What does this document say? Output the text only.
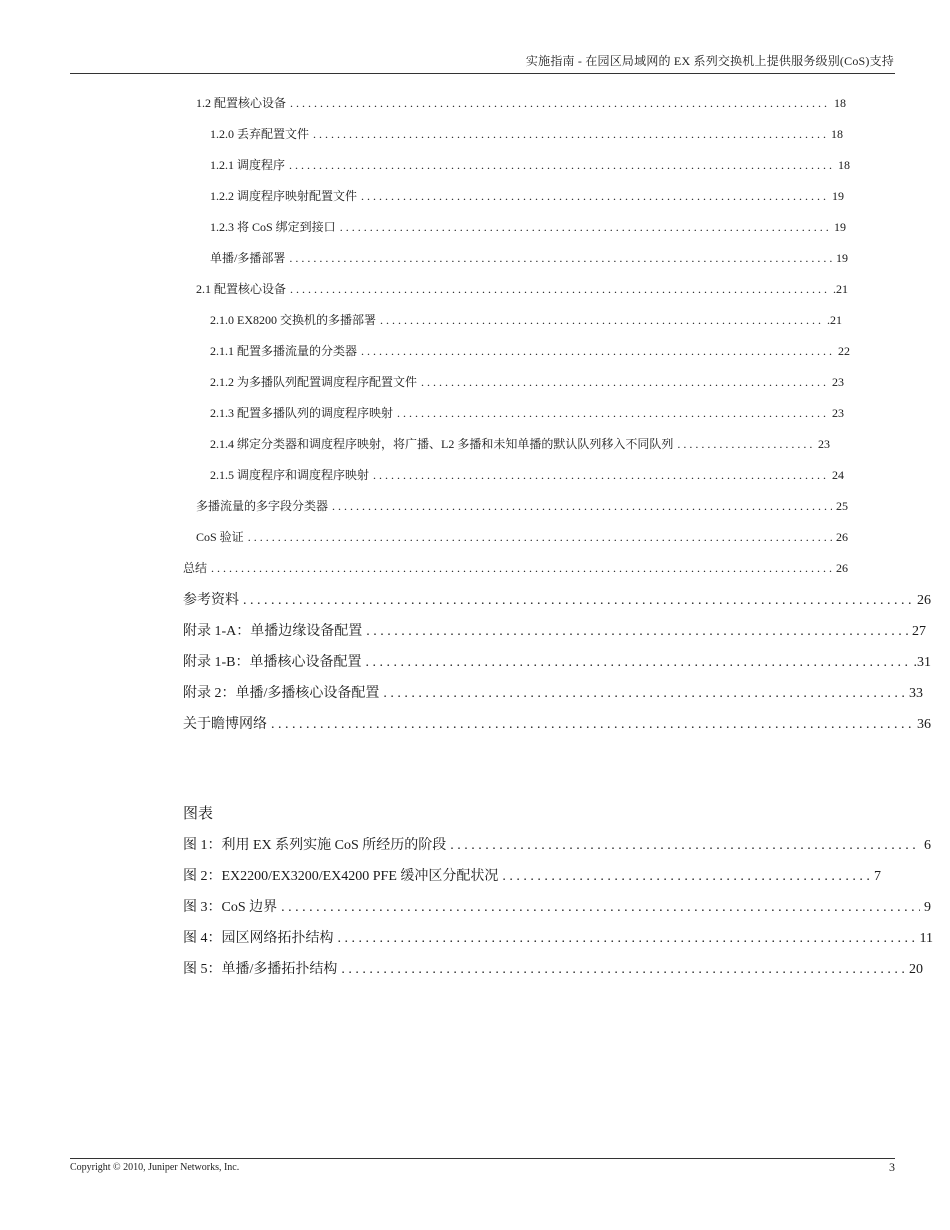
实施指南 - 在园区局域网的 EX 系列交换机上提供服务级别(CoS)支持
1.2 配置核心设备 . . .	18
1.2.0 丢弃配置文件 . . .	18
1.2.1 调度程序 . . .	18
1.2.2 调度程序映射配置文件 . . .	19
1.2.3 将 CoS 绑定到接口 . . .	19
单播/多播部署 . . .	19
2.1 配置核心设备 . . .	.21
2.1.0 EX8200 交换机的多播部署 . . .	.21
2.1.1 配置多播流量的分类器 . . .	22
2.1.2 为多播队列配置调度程序配置文件 . . .	23
2.1.3 配置多播队列的调度程序映射 . . .	23
2.1.4 绑定分类器和调度程序映射，将广播、L2 多播和未知单播的默认队列移入不同队列 . . .	23
2.1.5 调度程序和调度程序映射 . . .	24
多播流量的多字段分类器 . . .	25
CoS 验证 . . .	26
总结 . . .	26
参考资料 . . .	26
附录 1-A：单播边缘设备配置 . . .	27
附录 1-B：单播核心设备配置 . . .	.31
附录 2：单播/多播核心设备配置 . . .	33
关于瞻博网络 . . .	36
图表
图 1：利用 EX 系列实施 CoS 所经历的阶段 . . .	6
图 2：EX2200/EX3200/EX4200 PFE 缓冲区分配状况 . . .	7
图 3：CoS 边界 . . .	9
图 4：园区网络拓扑结构 . . .	11
图 5：单播/多播拓扑结构 . . .	20
Copyright © 2010, Juniper Networks, Inc.	3
